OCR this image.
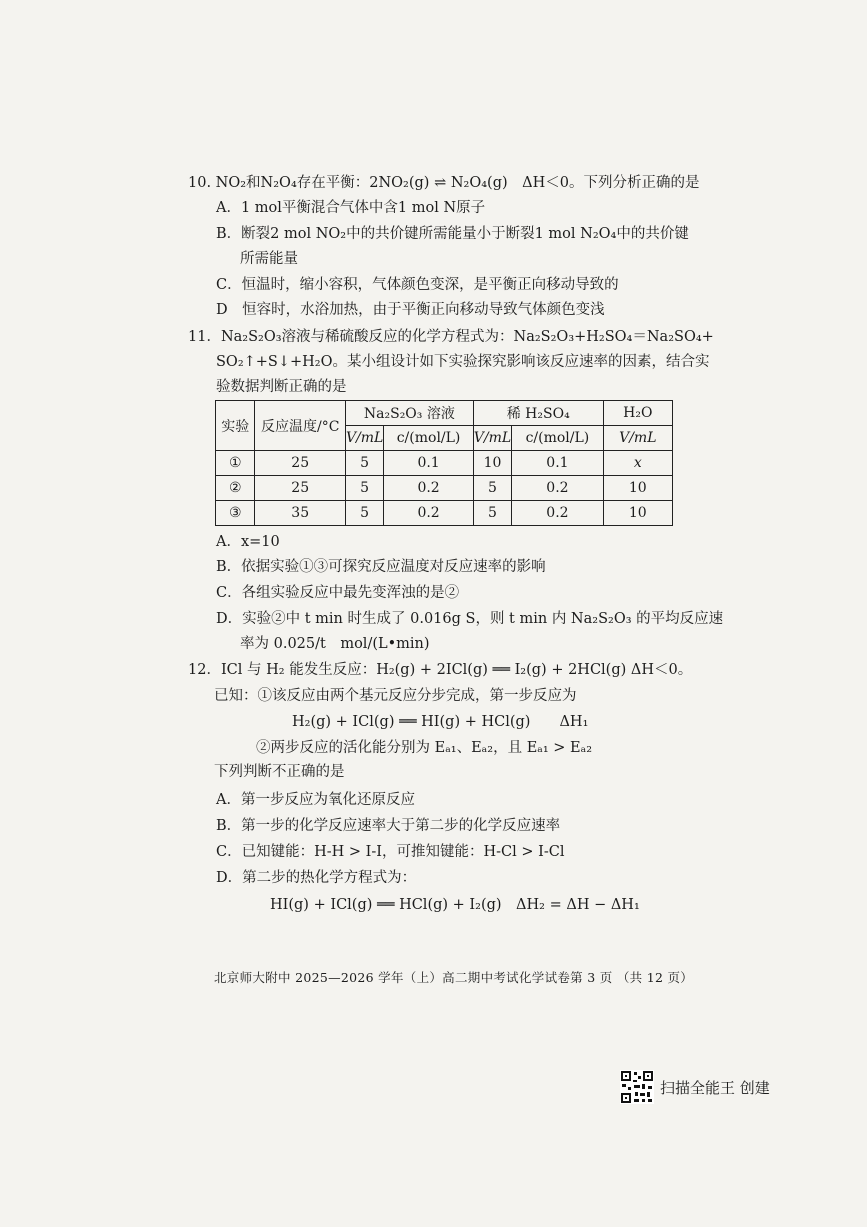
10. NO₂和N₂O₄存在平衡：2NO₂(g) ⇌ N₂O₄(g)　ΔH＜0。下列分析正确的是
A．1 mol平衡混合气体中含1 mol N原子
B．断裂2 mol NO₂中的共价键所需能量小于断裂1 mol N₂O₄中的共价键
所需能量
C．恒温时，缩小容积，气体颜色变深，是平衡正向移动导致的
D　恒容时，水浴加热，由于平衡正向移动导致气体颜色变浅
11．Na₂S₂O₃溶液与稀硫酸反应的化学方程式为：Na₂S₂O₃+H₂SO₄＝Na₂SO₄+
SO₂↑+S↓+H₂O。某小组设计如下实验探究影响该反应速率的因素，结合实
验数据判断正确的是
实验	反应温度/°C	Na₂S₂O₃ 溶液		稀 H₂SO₄		H₂O
		V/mL	c/(mol/L)	V/mL	c/(mol/L)	V/mL
①	25	5	0.1	10	0.1	x
②	25	5	0.2	5	0.2	10
③	35	5	0.2	5	0.2	10
A．x=10
B．依据实验①③可探究反应温度对反应速率的影响
C．各组实验反应中最先变浑浊的是②
D．实验②中 t min 时生成了 0.016g S，则 t min 内 Na₂S₂O₃ 的平均反应速
率为 0.025/t　mol/(L•min)
12．ICl 与 H₂ 能发生反应：H₂(g) + 2ICl(g) ══ I₂(g) + 2HCl(g) ΔH＜0。
已知：①该反应由两个基元反应分步完成，第一步反应为
H₂(g) + ICl(g) ══ HI(g) + HCl(g)　　ΔH₁
②两步反应的活化能分别为 Eₐ₁、Eₐ₂，且 Eₐ₁ > Eₐ₂
下列判断不正确的是
A．第一步反应为氧化还原反应
B．第一步的化学反应速率大于第二步的化学反应速率
C．已知键能：H-H > I-I，可推知键能：H-Cl > I-Cl
D．第二步的热化学方程式为：
HI(g) + ICl(g) ══ HCl(g) + I₂(g)　ΔH₂ = ΔH − ΔH₁
北京师大附中 2025—2026 学年（上）高二期中考试化学试卷第 3 页 （共 12 页）
扫描全能王 创建
